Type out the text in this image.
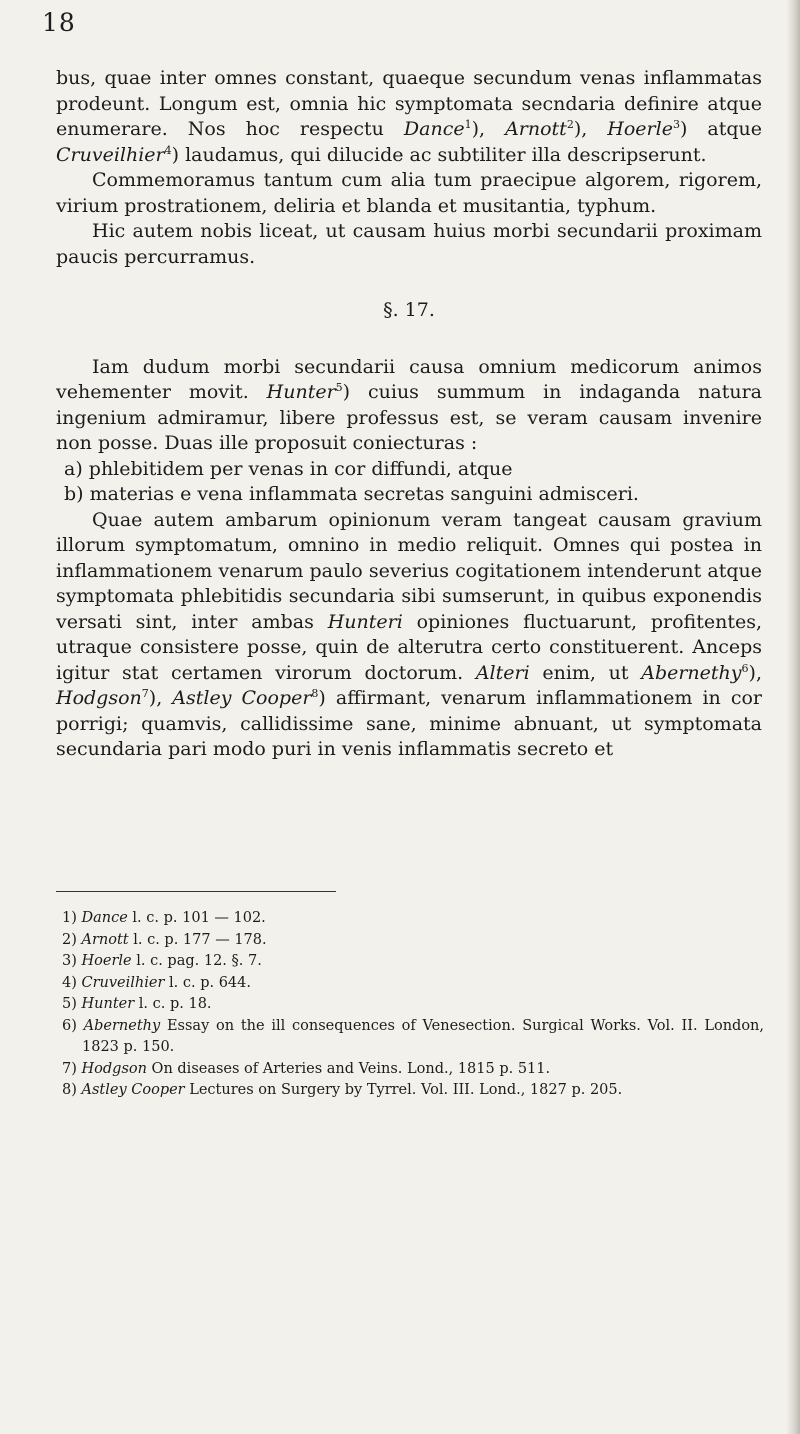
18

bus, quae inter omnes constant, quaeque secundum venas inflammatas prodeunt. Longum est, omnia hic symptomata secndaria definire atque enumerare. Nos hoc respectu Dance$^1$), Arnott$^2$), Hoerle$^3$) atque Cruveilhier$^4$) laudamus, qui dilucide ac subtiliter illa descripserunt.

Commemoramus tantum cum alia tum praecipue algorem, rigorem, virium prostrationem, deliria et blanda et musitantia, typhum.

Hic autem nobis liceat, ut causam huius morbi secundarii proximam paucis percurramus.

§. 17.

Iam dudum morbi secundarii causa omnium medicorum animos vehementer movit. Hunter$^5$) cuius summum in indaganda natura ingenium admiramur, libere professus est, se veram causam invenire non posse. Duas ille proposuit coniecturas :

a) phlebitidem per venas in cor diffundi, atque

b) materias e vena inflammata secretas sanguini admisceri.

Quae autem ambarum opinionum veram tangeat causam gravium illorum symptomatum, omnino in medio reliquit. Omnes qui postea in inflammationem venarum paulo severius cogitationem intenderunt atque symptomata phlebitidis secundaria sibi sumserunt, in quibus exponendis versati sint, inter ambas Hunteri opiniones fluctuarunt, profitentes, utraque consistere posse, quin de alterutra certo constituerent. Anceps igitur stat certamen virorum doctorum. Alteri enim, ut Abernethy$^6$), Hodgson$^7$), Astley Cooper$^8$) affirmant, venarum inflammationem in cor porrigi; quamvis, callidissime sane, minime abnuant, ut symptomata secundaria pari modo puri in venis inflammatis secreto et

1) Dance l. c. p. 101 — 102.

2) Arnott l. c. p. 177 — 178.

3) Hoerle l. c. pag. 12. §. 7.

4) Cruveilhier l. c. p. 644.

5) Hunter l. c. p. 18.

6) Abernethy Essay on the ill consequences of Venesection. Surgical Works. Vol. II. London, 1823 p. 150.

7) Hodgson On diseases of Arteries and Veins. Lond., 1815 p. 511.

8) Astley Cooper Lectures on Surgery by Tyrrel. Vol. III. Lond., 1827 p. 205.
